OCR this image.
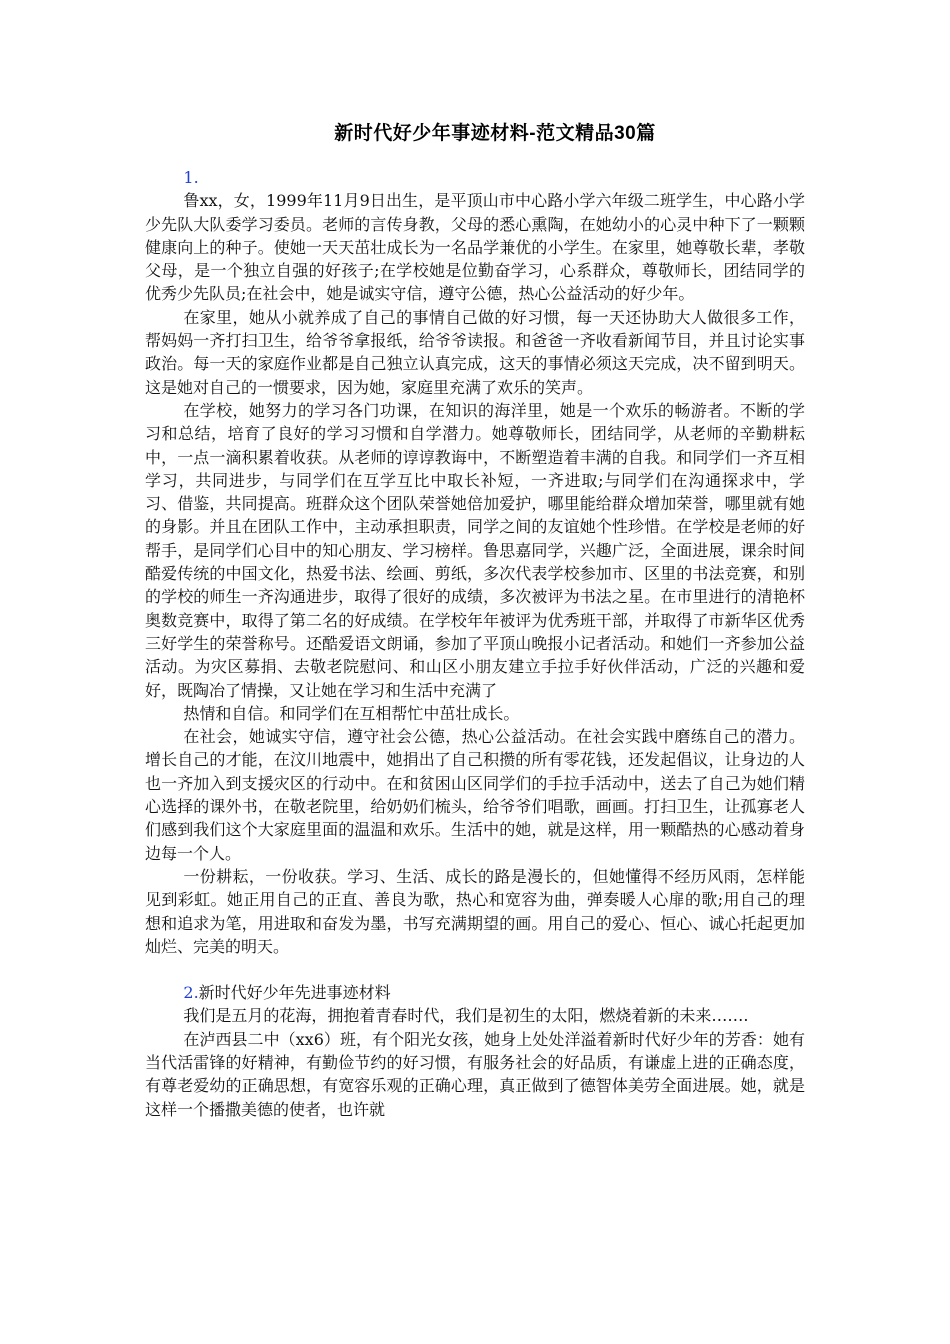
新时代好少年事迹材料-范文精品30篇

1.

鲁xx，女，1999年11月9日出生，是平顶山市中心路小学六年级二班学生，中心路小学少先队大队委学习委员。老师的言传身教，父母的悉心熏陶，在她幼小的心灵中种下了一颗颗健康向上的种子。使她一天天茁壮成长为一名品学兼优的小学生。在家里，她尊敬长辈，孝敬父母，是一个独立自强的好孩子;在学校她是位勤奋学习，心系群众，尊敬师长，团结同学的优秀少先队员;在社会中，她是诚实守信，遵守公德，热心公益活动的好少年。

在家里，她从小就养成了自己的事情自己做的好习惯，每一天还协助大人做很多工作，帮妈妈一齐打扫卫生，给爷爷拿报纸，给爷爷读报。和爸爸一齐收看新闻节目，并且讨论实事政治。每一天的家庭作业都是自己独立认真完成，这天的事情必须这天完成，决不留到明天。这是她对自己的一惯要求，因为她，家庭里充满了欢乐的笑声。

在学校，她努力的学习各门功课，在知识的海洋里，她是一个欢乐的畅游者。不断的学习和总结，培育了良好的学习习惯和自学潜力。她尊敬师长，团结同学，从老师的辛勤耕耘中，一点一滴积累着收获。从老师的谆谆教诲中，不断塑造着丰满的自我。和同学们一齐互相学习，共同进步，与同学们在互学互比中取长补短，一齐进取;与同学们在沟通探求中，学习、借鉴，共同提高。班群众这个团队荣誉她倍加爱护，哪里能给群众增加荣誉，哪里就有她的身影。并且在团队工作中，主动承担职责，同学之间的友谊她个性珍惜。在学校是老师的好帮手，是同学们心目中的知心朋友、学习榜样。鲁思嘉同学，兴趣广泛，全面进展，课余时间酷爱传统的中国文化，热爱书法、绘画、剪纸，多次代表学校参加市、区里的书法竞赛，和别的学校的师生一齐沟通进步，取得了很好的成绩，多次被评为书法之星。在市里进行的清艳杯奥数竞赛中，取得了第二名的好成绩。在学校年年被评为优秀班干部，并取得了市新华区优秀三好学生的荣誉称号。还酷爱语文朗诵，参加了平顶山晚报小记者活动。和她们一齐参加公益活动。为灾区募捐、去敬老院慰问、和山区小朋友建立手拉手好伙伴活动，广泛的兴趣和爱好，既陶冶了情操，又让她在学习和生活中充满了

热情和自信。和同学们在互相帮忙中茁壮成长。

在社会，她诚实守信，遵守社会公德，热心公益活动。在社会实践中磨练自己的潜力。增长自己的才能，在汶川地震中，她捐出了自己积攒的所有零花钱，还发起倡议，让身边的人也一齐加入到支援灾区的行动中。在和贫困山区同学们的手拉手活动中，送去了自己为她们精心选择的课外书，在敬老院里，给奶奶们梳头，给爷爷们唱歌，画画。打扫卫生，让孤寡老人们感到我们这个大家庭里面的温温和欢乐。生活中的她，就是这样，用一颗酷热的心感动着身边每一个人。

一份耕耘，一份收获。学习、生活、成长的路是漫长的，但她懂得不经历风雨，怎样能见到彩虹。她正用自己的正直、善良为歌，热心和宽容为曲，弹奏暖人心扉的歌;用自己的理想和追求为笔，用进取和奋发为墨，书写充满期望的画。用自己的爱心、恒心、诚心托起更加灿烂、完美的明天。

2.新时代好少年先进事迹材料

我们是五月的花海，拥抱着青春时代，我们是初生的太阳，燃烧着新的未来…….

在泸西县二中（xx6）班，有个阳光女孩，她身上处处洋溢着新时代好少年的芳香：她有当代活雷锋的好精神，有勤俭节约的好习惯，有服务社会的好品质，有谦虚上进的正确态度，有尊老爱幼的正确思想，有宽容乐观的正确心理，真正做到了德智体美劳全面进展。她，就是这样一个播撒美德的使者，也许就
